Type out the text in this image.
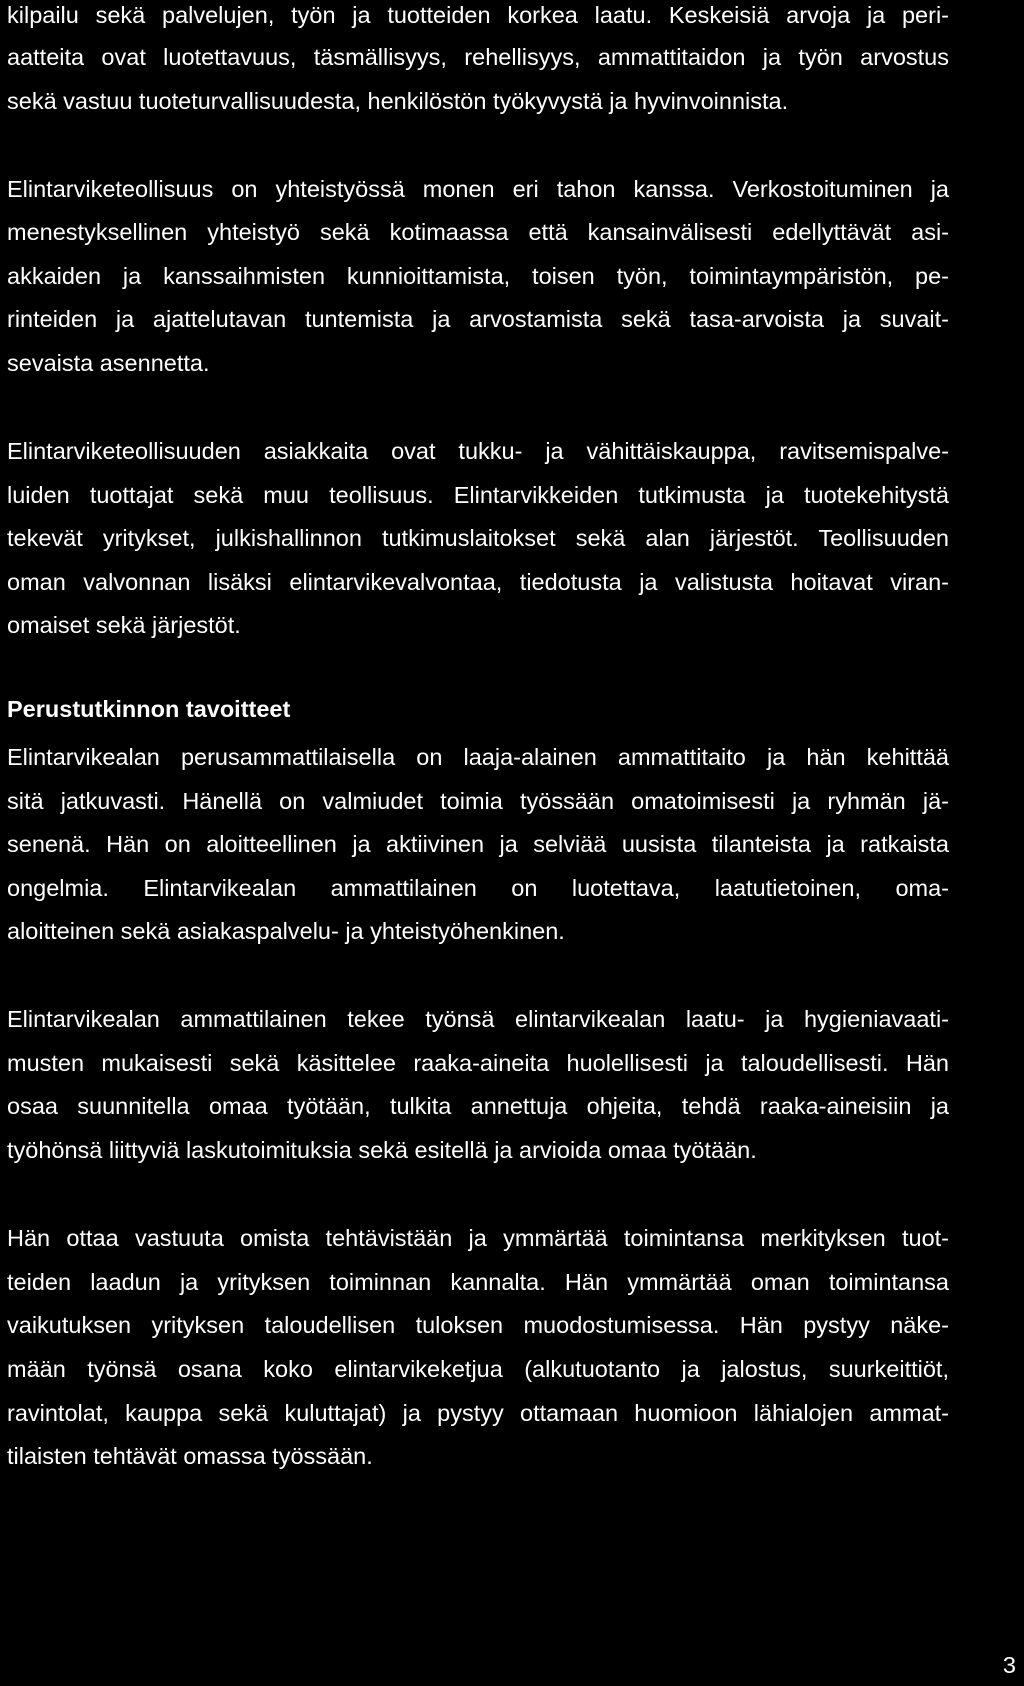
kilpailu sekä palvelujen, työn ja tuotteiden korkea laatu. Keskeisiä arvoja ja peri-
aatteita ovat luotettavuus, täsmällisyys, rehellisyys, ammattitaidon ja työn arvostus
sekä vastuu tuoteturvallisuudesta, henkilöstön työkyvystä ja hyvinvoinnista.
Elintarviketeollisuus on yhteistyössä monen eri tahon kanssa. Verkostoituminen ja
menestyksellinen yhteistyö sekä kotimaassa että kansainvälisesti edellyttävät asi-
akkaiden ja kanssaihmisten kunnioittamista, toisen työn, toimintaympäristön, pe-
rinteiden ja ajattelutavan tuntemista ja arvostamista sekä tasa-arvoista ja suvait-
sevaista asennetta.
Elintarviketeollisuuden asiakkaita ovat tukku- ja vähittäiskauppa, ravitsemispalve-
luiden tuottajat sekä muu teollisuus. Elintarvikkeiden tutkimusta ja tuotekehitystä
tekevät yritykset, julkishallinnon tutkimuslaitokset sekä alan järjestöt. Teollisuuden
oman valvonnan lisäksi elintarvikevalvontaa, tiedotusta ja valistusta hoitavat viran-
omaiset sekä järjestöt.
Perustutkinnon tavoitteet
Elintarvikealan perusammattilaisella on laaja-alainen ammattitaito ja hän kehittää
sitä jatkuvasti. Hänellä on valmiudet toimia työssään omatoimisesti ja ryhmän jä-
senenä. Hän on aloitteellinen ja aktiivinen ja selviää uusista tilanteista ja ratkaista
ongelmia. Elintarvikealan ammattilainen on luotettava, laatutietoinen, oma-
aloitteinen sekä asiakaspalvelu- ja yhteistyöhenkinen.
Elintarvikealan ammattilainen tekee työnsä elintarvikealan laatu- ja hygieniavaati-
musten mukaisesti sekä käsittelee raaka-aineita huolellisesti ja taloudellisesti. Hän
osaa suunnitella omaa työtään, tulkita annettuja ohjeita, tehdä raaka-aineisiin ja
työhönsä liittyviä laskutoimituksia sekä esitellä ja arvioida omaa työtään.
Hän ottaa vastuuta omista tehtävistään ja ymmärtää toimintansa merkityksen tuot-
teiden laadun ja yrityksen toiminnan kannalta. Hän ymmärtää oman toimintansa
vaikutuksen yrityksen taloudellisen tuloksen muodostumisessa. Hän pystyy näke-
mään työnsä osana koko elintarvikeketjua (alkutuotanto ja jalostus, suurkeittiöt,
ravintolat, kauppa sekä kuluttajat) ja pystyy ottamaan huomioon lähialojen ammat-
tilaisten tehtävät omassa työssään.
3
